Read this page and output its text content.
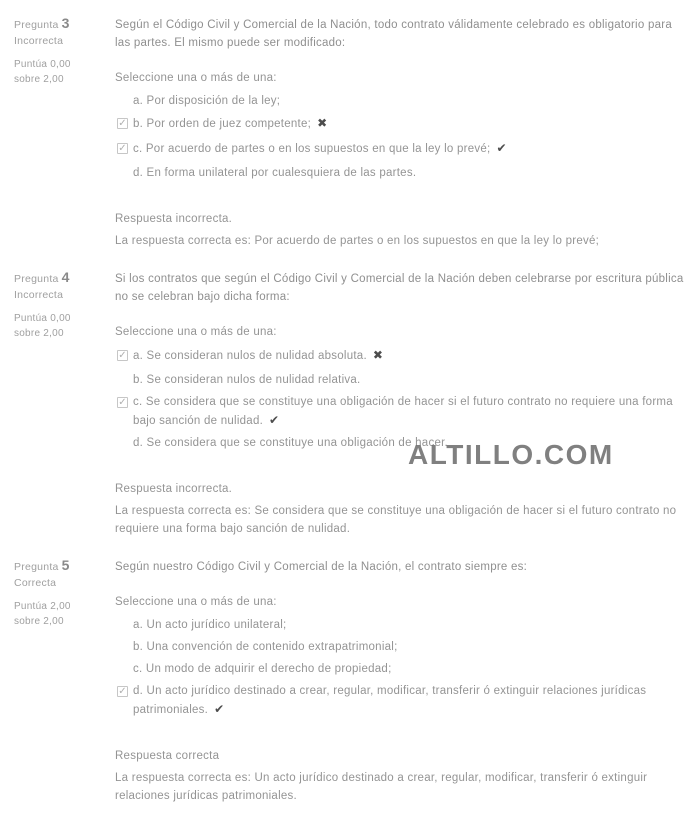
Pregunta 3
Incorrecta
Puntúa 0,00
sobre 2,00
Según el Código Civil y Comercial de la Nación, todo contrato válidamente celebrado es obligatorio para las partes. El mismo puede ser modificado:
Seleccione una o más de una:
a. Por disposición de la ley;
✓ b. Por orden de juez competente; ✖
✓ c. Por acuerdo de partes o en los supuestos en que la ley lo prevé; ✔
d. En forma unilateral por cualesquiera de las partes.
Respuesta incorrecta.
La respuesta correcta es: Por acuerdo de partes o en los supuestos en que la ley lo prevé;
Pregunta 4
Incorrecta
Puntúa 0,00
sobre 2,00
Si los contratos que según el Código Civil y Comercial de la Nación deben celebrarse por escritura pública no se celebran bajo dicha forma:
Seleccione una o más de una:
✓ a. Se consideran nulos de nulidad absoluta. ✖
b. Se consideran nulos de nulidad relativa.
✓ c. Se considera que se constituye una obligación de hacer si el futuro contrato no requiere una forma bajo sanción de nulidad. ✔
d. Se considera que se constituye una obligación de hacer.
Respuesta incorrecta.
La respuesta correcta es: Se considera que se constituye una obligación de hacer si el futuro contrato no requiere una forma bajo sanción de nulidad.
Pregunta 5
Correcta
Puntúa 2,00
sobre 2,00
Según nuestro Código Civil y Comercial de la Nación, el contrato siempre es:
Seleccione una o más de una:
a. Un acto jurídico unilateral;
b. Una convención de contenido extrapatrimonial;
c. Un modo de adquirir el derecho de propiedad;
✓ d. Un acto jurídico destinado a crear, regular, modificar, transferir ó extinguir relaciones jurídicas patrimoniales. ✔
Respuesta correcta
La respuesta correcta es: Un acto jurídico destinado a crear, regular, modificar, transferir ó extinguir relaciones jurídicas patrimoniales.
ALTILLO.COM
